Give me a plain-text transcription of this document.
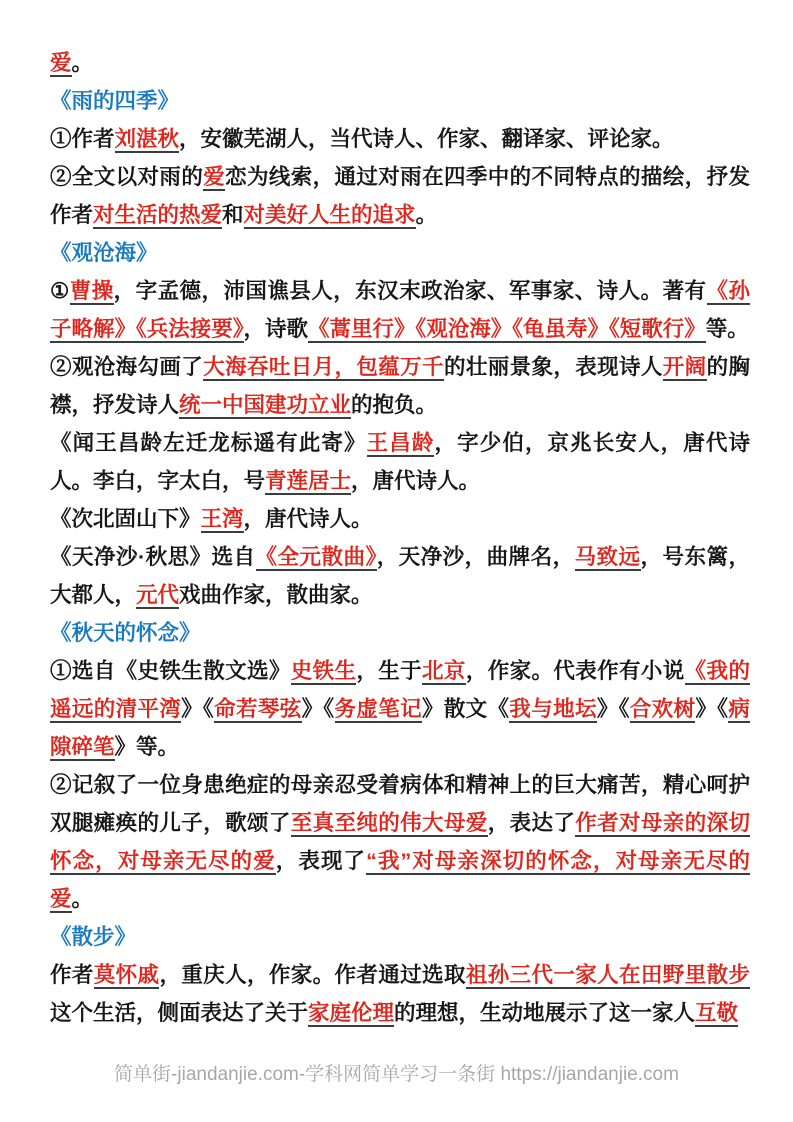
爱。

《雨的四季》

①作者刘湛秋，安徽芜湖人，当代诗人、作家、翻译家、评论家。

②全文以对雨的爱恋为线索，通过对雨在四季中的不同特点的描绘，抒发作者对生活的热爱和对美好人生的追求。

《观沧海》

①曹操，字孟德，沛国谯县人，东汉末政治家、军事家、诗人。著有《孙子略解》《兵法接要》，诗歌《蒿里行》《观沧海》《龟虽寿》《短歌行》等。

②观沧海勾画了大海吞吐日月，包蕴万千的壮丽景象，表现诗人开阔的胸襟，抒发诗人统一中国建功立业的抱负。

《闻王昌龄左迁龙标遥有此寄》王昌龄，字少伯，京兆长安人，唐代诗人。李白，字太白，号青莲居士，唐代诗人。

《次北固山下》王湾，唐代诗人。

《天净沙·秋思》选自《全元散曲》，天净沙，曲牌名，马致远，号东篱，大都人，元代戏曲作家，散曲家。

《秋天的怀念》

①选自《史铁生散文选》史铁生，生于北京，作家。代表作有小说《我的遥远的清平湾》《命若琴弦》《务虚笔记》散文《我与地坛》《合欢树》《病隙碎笔》等。

②记叙了一位身患绝症的母亲忍受着病体和精神上的巨大痛苦，精心呵护双腿瘫痪的儿子，歌颂了至真至纯的伟大母爱，表达了作者对母亲的深切怀念，对母亲无尽的爱，表现了“我”对母亲深切的怀念，对母亲无尽的爱。

《散步》

作者莫怀戚，重庆人，作家。作者通过选取祖孙三代一家人在田野里散步这个生活，侧面表达了关于家庭伦理的理想，生动地展示了这一家人互敬

简单街-jiandanjie.com-学科网简单学习一条街 https://jiandanjie.com
